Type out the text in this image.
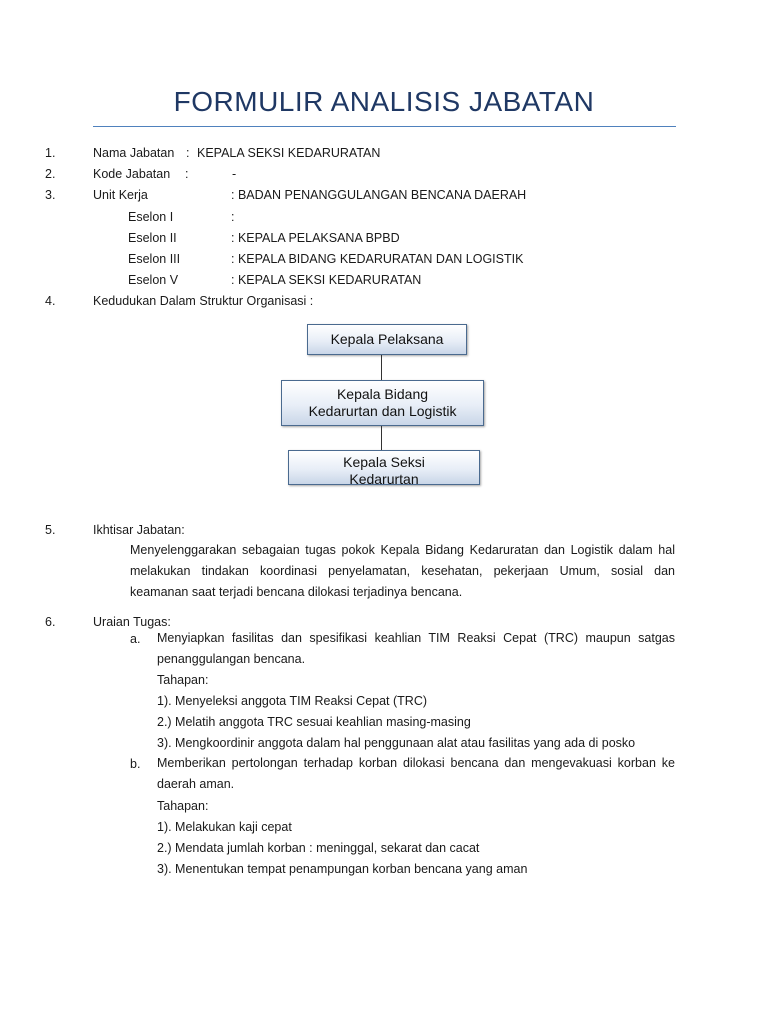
FORMULIR ANALISIS JABATAN
1.	Nama Jabatan : KEPALA SEKSI KEDARURATAN
2.	Kode Jabatan :	-
3.	Unit Kerja	: BADAN PENANGGULANGAN BENCANA DAERAH
Eselon I	:
Eselon II	: KEPALA PELAKSANA BPBD
Eselon III	: KEPALA BIDANG KEDARURATAN DAN LOGISTIK
Eselon V	: KEPALA SEKSI KEDARURATAN
4.	Kedudukan Dalam Struktur Organisasi :
Kepala Pelaksana
Kepala Bidang
Kedarurtan dan Logistik
Kepala Seksi
Kedarurtan
5.	Ikhtisar Jabatan:
Menyelenggarakan sebagaian tugas pokok Kepala Bidang Kedaruratan dan Logistik dalam hal melakukan tindakan koordinasi penyelamatan, kesehatan, pekerjaan Umum, sosial dan keamanan saat terjadi bencana dilokasi terjadinya bencana.
6.	Uraian Tugas:
a. Menyiapkan fasilitas dan spesifikasi keahlian TIM Reaksi Cepat (TRC) maupun satgas penanggulangan bencana.
Tahapan:
1). Menyeleksi anggota TIM Reaksi Cepat (TRC)
2.) Melatih anggota TRC sesuai keahlian masing-masing
3). Mengkoordinir anggota dalam hal penggunaan alat atau fasilitas yang ada di posko
b. Memberikan pertolongan terhadap korban dilokasi bencana dan mengevakuasi korban ke daerah aman.
Tahapan:
1). Melakukan kaji cepat
2.) Mendata jumlah korban : meninggal, sekarat dan cacat
3). Menentukan tempat penampungan korban bencana yang aman
